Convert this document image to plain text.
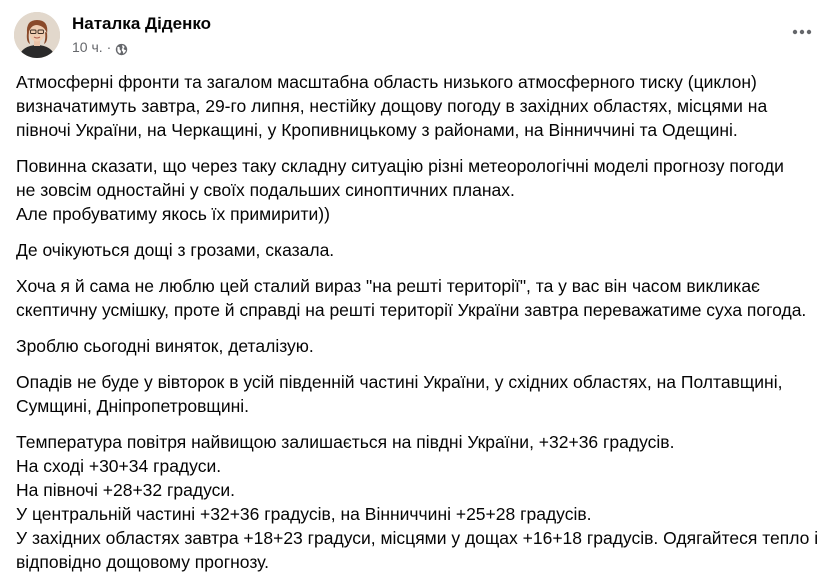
Наталка Діденко
10 ч. ·

Атмосферні фронти та загалом масштабна область низького атмосферного тиску (циклон)
визначатимуть завтра, 29-го липня, нестійку дощову погоду в західних областях, місцями на
півночі України, на Черкащині, у Кропивницькому з районами, на Вінниччині та Одещині.

Повинна сказати, що через таку складну ситуацію різні метеорологічні моделі прогнозу погоди
не зовсім одностайні у своїх подальших синоптичних планах.
Але пробуватиму якось їх примирити))

Де очікуються дощі з грозами, сказала.

Хоча я й сама не люблю цей сталий вираз "на решті території", та у вас він часом викликає
скептичну усмішку, проте й справді на решті території України завтра переважатиме суха погода.

Зроблю сьогодні виняток, деталізую.

Опадів не буде у вівторок в усій південній частині України, у східних областях, на Полтавщині,
Сумщині, Дніпропетровщині.

Температура повітря найвищою залишається на півдні України, +32+36 градусів.
На сході +30+34 градуси.
На півночі +28+32 градуси.
У центральній частині +32+36 градусів, на Вінниччині +25+28 градусів.
У західних областях завтра +18+23 градуси, місцями у дощах +16+18 градусів. Одягайтеся тепло і
відповідно дощовому прогнозу.
